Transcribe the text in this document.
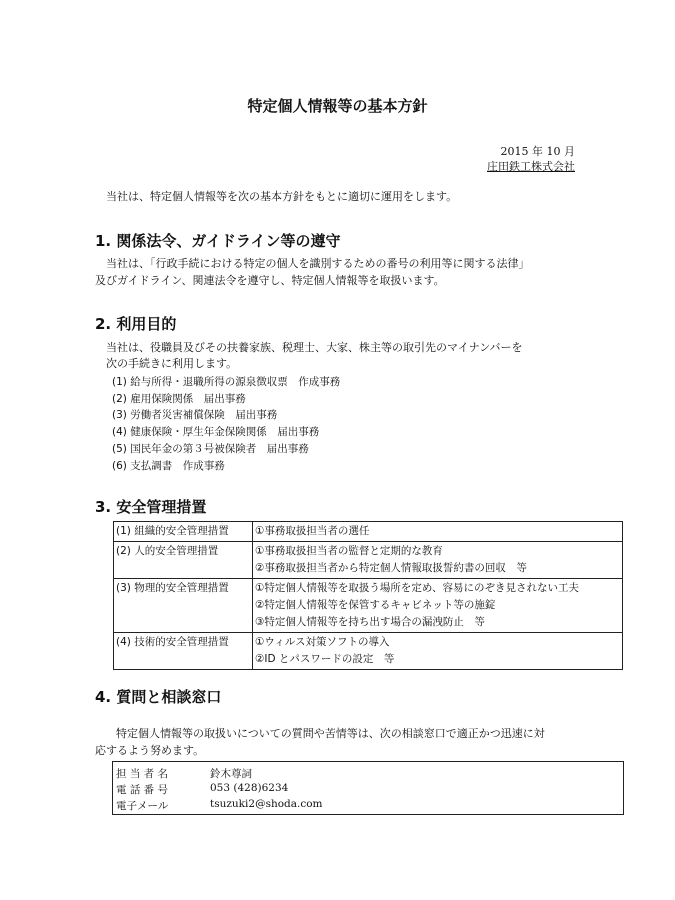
特定個人情報等の基本方針
2015 年 10 月
庄田鉄工株式会社
当社は、特定個人情報等を次の基本方針をもとに適切に運用をします。
1. 関係法令、ガイドライン等の遵守
当社は、「行政手続における特定の個人を識別するための番号の利用等に関する法律」
及びガイドライン、関連法令を遵守し、特定個人情報等を取扱います。
2. 利用目的
当社は、役職員及びその扶養家族、税理士、大家、株主等の取引先のマイナンバーを
次の手続きに利用します。
(1) 給与所得・退職所得の源泉徴収票　作成事務
(2) 雇用保険関係　届出事務
(3) 労働者災害補償保険　届出事務
(4) 健康保険・厚生年金保険関係　届出事務
(5) 国民年金の第３号被保険者　届出事務
(6) 支払調書　作成事務
3. 安全管理措置
(1) 組織的安全管理措置	①事務取扱担当者の選任

(2) 人的安全管理措置	①事務取扱担当者の監督と定期的な教育
②事務取扱担当者から特定個人情報取扱誓約書の回収　等

(3) 物理的安全管理措置	①特定個人情報等を取扱う場所を定め、容易にのぞき見されない工夫
②特定個人情報等を保管するキャビネット等の施錠
③特定個人情報等を持ち出す場合の漏洩防止　等

(4) 技術的安全管理措置	①ウィルス対策ソフトの導入
②ID とパスワードの設定　等
4. 質問と相談窓口
特定個人情報等の取扱いについての質問や苦情等は、次の相談窓口で適正かつ迅速に対
応するよう努めます。
担 当 者 名	鈴木尊詞
電 話 番 号	053 (428)6234
電子メール	tsuzuki2@shoda.com
